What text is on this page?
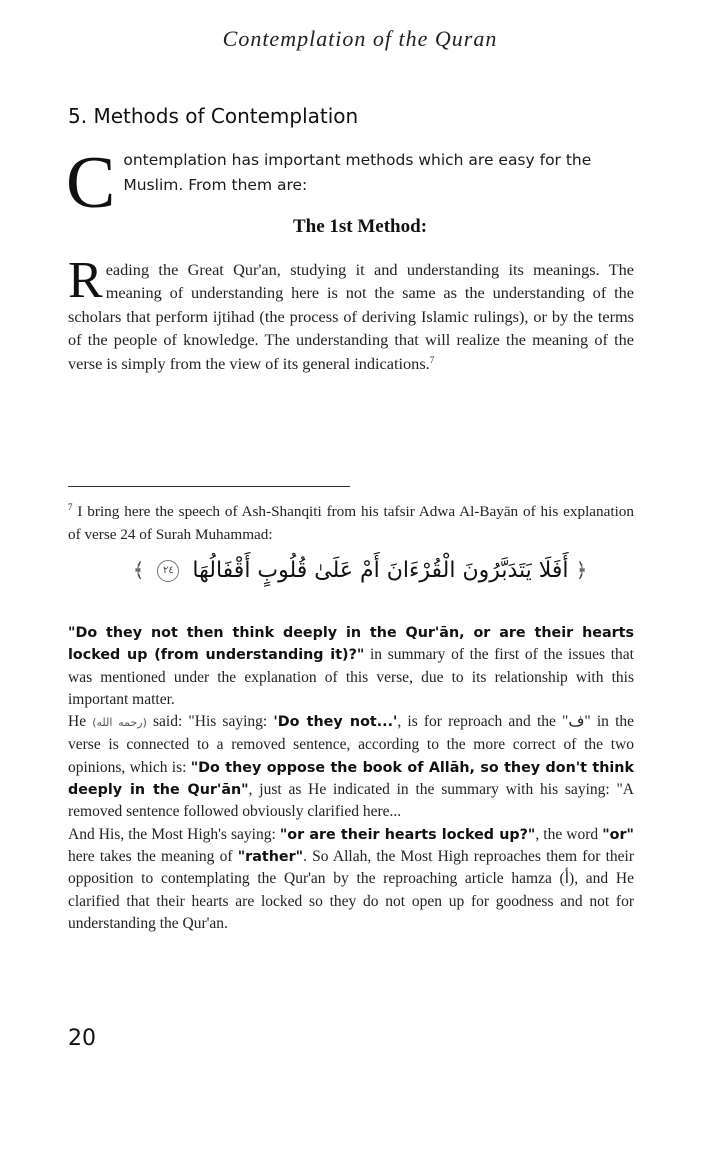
Contemplation of the Quran
5. Methods of Contemplation
Contemplation has important methods which are easy for the Muslim. From them are:
The 1st Method:
Reading the Great Qur'an, studying it and understanding its meanings. The meaning of understanding here is not the same as the understanding of the scholars that perform ijtihad (the process of deriving Islamic rulings), or by the terms of the people of knowledge. The understanding that will realize the meaning of the verse is simply from the view of its general indications.$^7$
$^7$ I bring here the speech of Ash-Shanqiti from his tafsir Adwa Al-Bayān of his explanation of verse 24 of Surah Muhammad:
﴿ أَفَلَا يَتَدَبَّرُونَ الْقُرْءَانَ أَمْ عَلَىٰ قُلُوبٍ أَقْفَالُهَا ٢٤ ﴾

"Do they not then think deeply in the Qur'ān, or are their hearts locked up (from understanding it)?" in summary of the first of the issues that was mentioned under the explanation of this verse, due to its relationship with this important matter.

He (رحمه الله) said: "His saying: 'Do they not...', is for reproach and the "ف" in the verse is connected to a removed sentence, according to the more correct of the two opinions, which is: "Do they oppose the book of Allāh, so they don't think deeply in the Qur'ān", just as He indicated in the summary with his saying: "A removed sentence followed obviously clarified here...

And His, the Most High's saying: "or are their hearts locked up?", the word "or" here takes the meaning of "rather". So Allah, the Most High reproaches them for their opposition to contemplating the Qur'an by the reproaching article hamza (أ), and He clarified that their hearts are locked so they do not open up for goodness and not for understanding the Qur'an.

20
